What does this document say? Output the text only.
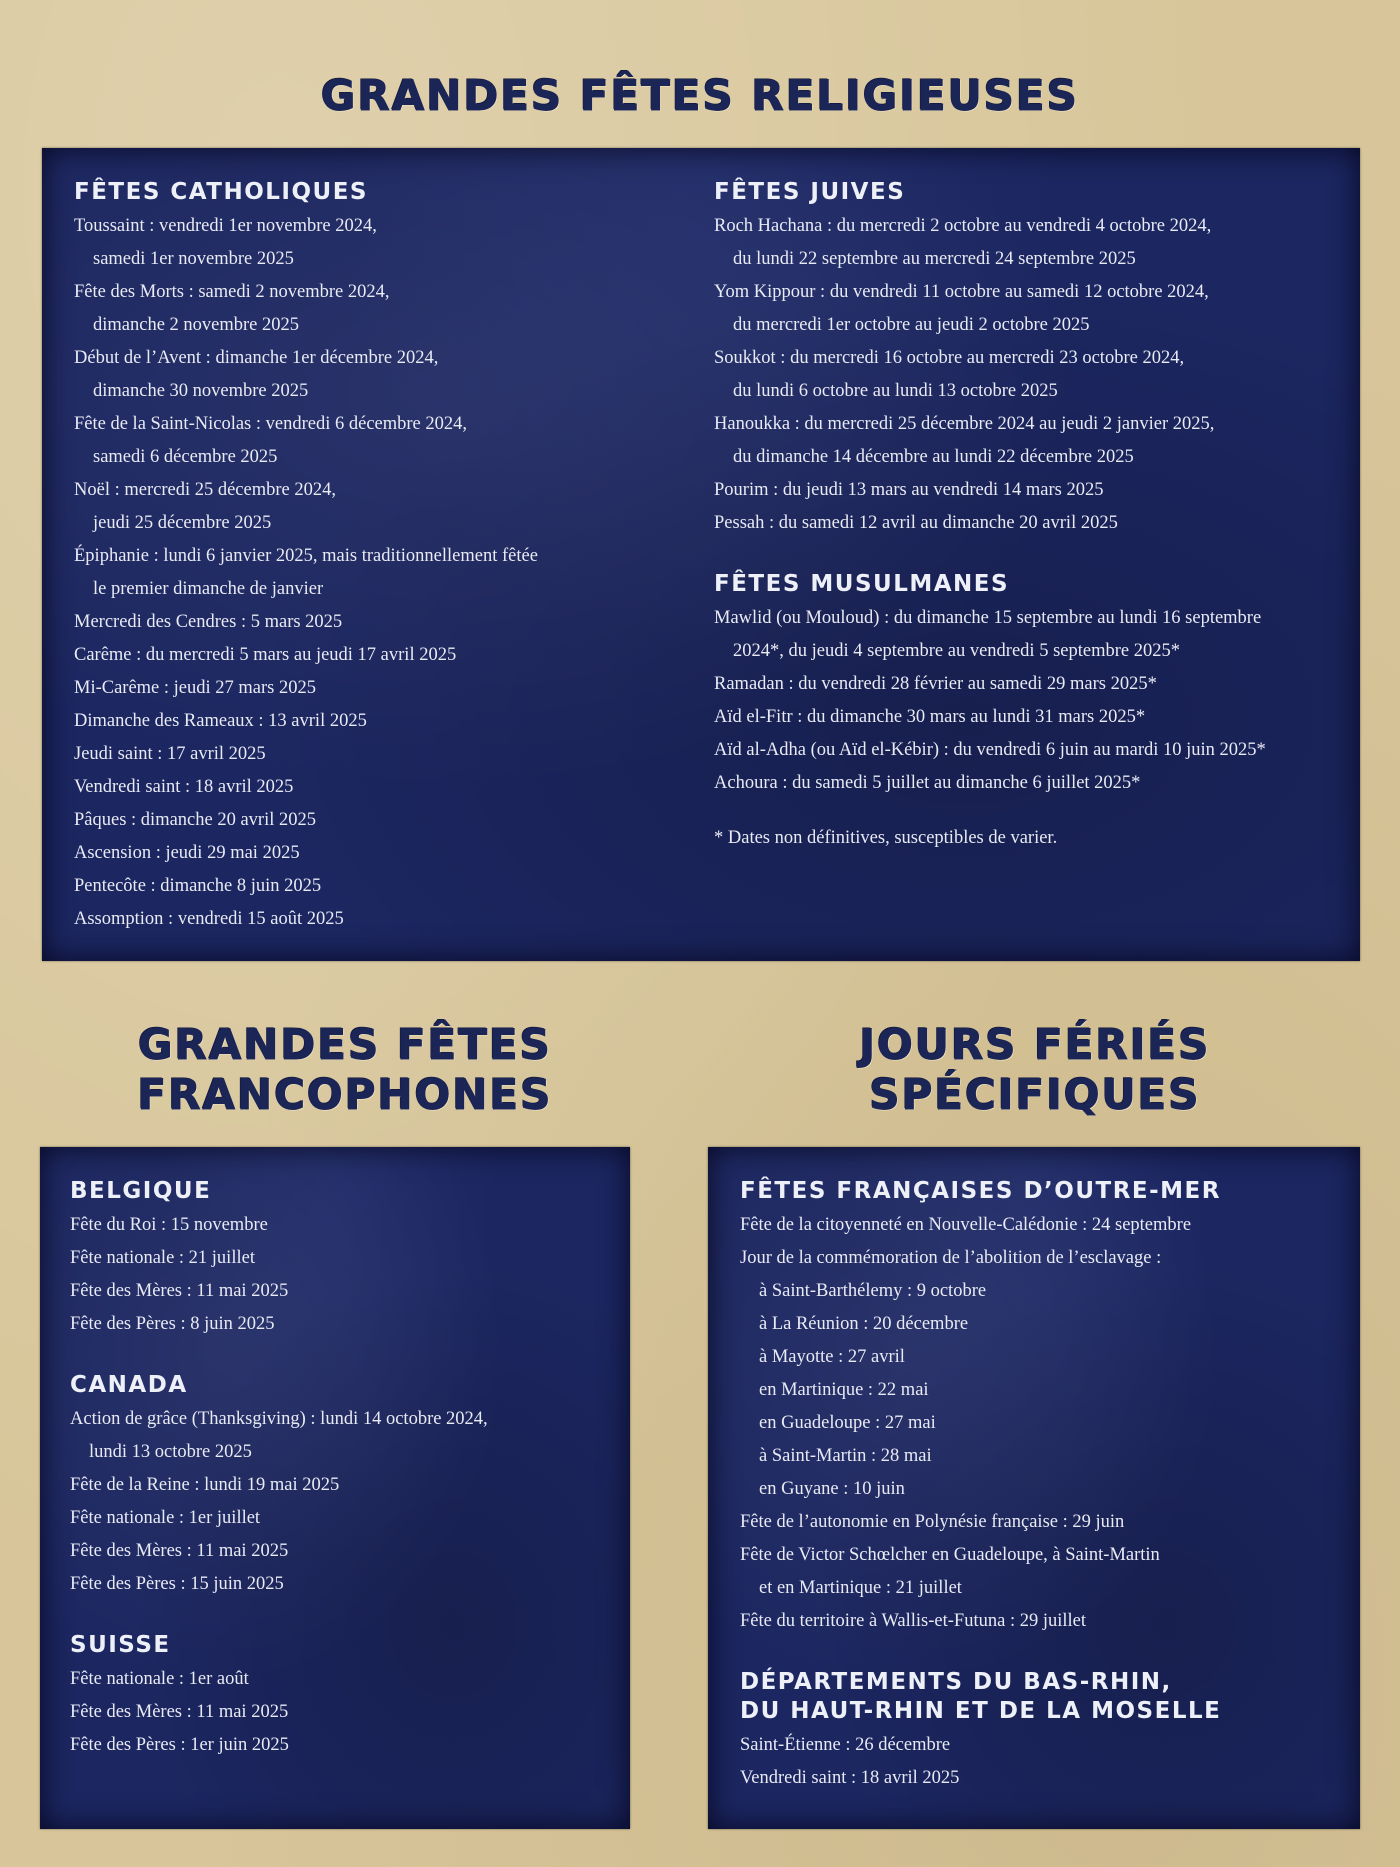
GRANDES FÊTES RELIGIEUSES
FÊTES CATHOLIQUES
Toussaint : vendredi 1er novembre 2024,
samedi 1er novembre 2025
Fête des Morts : samedi 2 novembre 2024,
dimanche 2 novembre 2025
Début de l’Avent : dimanche 1er décembre 2024,
dimanche 30 novembre 2025
Fête de la Saint-Nicolas : vendredi 6 décembre 2024,
samedi 6 décembre 2025
Noël : mercredi 25 décembre 2024,
jeudi 25 décembre 2025
Épiphanie : lundi 6 janvier 2025, mais traditionnellement fêtée
le premier dimanche de janvier
Mercredi des Cendres : 5 mars 2025
Carême : du mercredi 5 mars au jeudi 17 avril 2025
Mi-Carême : jeudi 27 mars 2025
Dimanche des Rameaux : 13 avril 2025
Jeudi saint : 17 avril 2025
Vendredi saint : 18 avril 2025
Pâques : dimanche 20 avril 2025
Ascension : jeudi 29 mai 2025
Pentecôte : dimanche 8 juin 2025
Assomption : vendredi 15 août 2025
FÊTES JUIVES
Roch Hachana : du mercredi 2 octobre au vendredi 4 octobre 2024,
du lundi 22 septembre au mercredi 24 septembre 2025
Yom Kippour : du vendredi 11 octobre au samedi 12 octobre 2024,
du mercredi 1er octobre au jeudi 2 octobre 2025
Soukkot : du mercredi 16 octobre au mercredi 23 octobre 2024,
du lundi 6 octobre au lundi 13 octobre 2025
Hanoukka : du mercredi 25 décembre 2024 au jeudi 2 janvier 2025,
du dimanche 14 décembre au lundi 22 décembre 2025
Pourim : du jeudi 13 mars au vendredi 14 mars 2025
Pessah : du samedi 12 avril au dimanche 20 avril 2025
FÊTES MUSULMANES
Mawlid (ou Mouloud) : du dimanche 15 septembre au lundi 16 septembre
2024*, du jeudi 4 septembre au vendredi 5 septembre 2025*
Ramadan : du vendredi 28 février au samedi 29 mars 2025*
Aïd el-Fitr : du dimanche 30 mars au lundi 31 mars 2025*
Aïd al-Adha (ou Aïd el-Kébir) : du vendredi 6 juin au mardi 10 juin 2025*
Achoura : du samedi 5 juillet au dimanche 6 juillet 2025*
* Dates non définitives, susceptibles de varier.
GRANDES FÊTES
FRANCOPHONES
JOURS FÉRIÉS
SPÉCIFIQUES
BELGIQUE
Fête du Roi : 15 novembre
Fête nationale : 21 juillet
Fête des Mères : 11 mai 2025
Fête des Pères : 8 juin 2025
CANADA
Action de grâce (Thanksgiving) : lundi 14 octobre 2024,
lundi 13 octobre 2025
Fête de la Reine : lundi 19 mai 2025
Fête nationale : 1er juillet
Fête des Mères : 11 mai 2025
Fête des Pères : 15 juin 2025
SUISSE
Fête nationale : 1er août
Fête des Mères : 11 mai 2025
Fête des Pères : 1er juin 2025
FÊTES FRANÇAISES D’OUTRE-MER
Fête de la citoyenneté en Nouvelle-Calédonie : 24 septembre
Jour de la commémoration de l’abolition de l’esclavage :
à Saint-Barthélemy : 9 octobre
à La Réunion : 20 décembre
à Mayotte : 27 avril
en Martinique : 22 mai
en Guadeloupe : 27 mai
à Saint-Martin : 28 mai
en Guyane : 10 juin
Fête de l’autonomie en Polynésie française : 29 juin
Fête de Victor Schœlcher en Guadeloupe, à Saint-Martin
et en Martinique : 21 juillet
Fête du territoire à Wallis-et-Futuna : 29 juillet
DÉPARTEMENTS DU BAS-RHIN,
DU HAUT-RHIN ET DE LA MOSELLE
Saint-Étienne : 26 décembre
Vendredi saint : 18 avril 2025
